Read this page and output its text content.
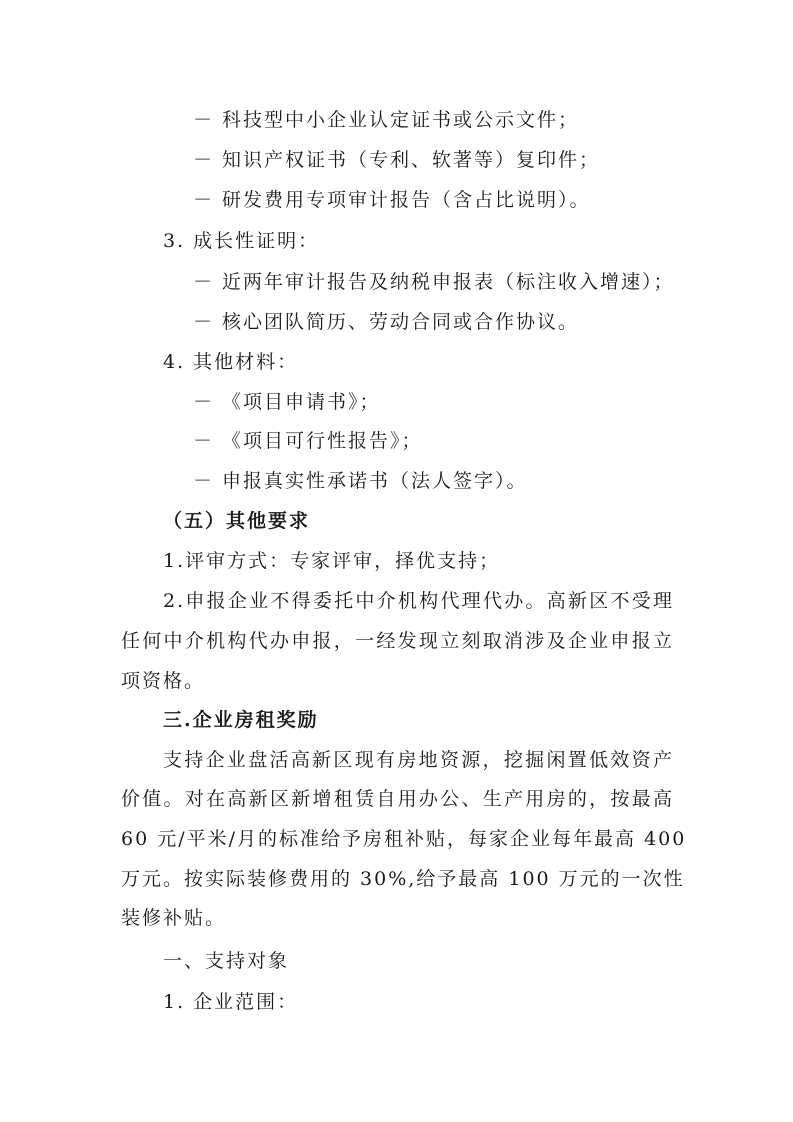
－ 科技型中小企业认定证书或公示文件；
－ 知识产权证书（专利、软著等）复印件；
－ 研发费用专项审计报告（含占比说明）。
3. 成长性证明：
－ 近两年审计报告及纳税申报表（标注收入增速）；
－ 核心团队简历、劳动合同或合作协议。
4. 其他材料：
－ 《项目申请书》；
－ 《项目可行性报告》；
－ 申报真实性承诺书（法人签字）。
（五）其他要求
1.评审方式：专家评审，择优支持；
2.申报企业不得委托中介机构代理代办。高新区不受理
任何中介机构代办申报，一经发现立刻取消涉及企业申报立
项资格。
三.企业房租奖励
支持企业盘活高新区现有房地资源，挖掘闲置低效资产
价值。对在高新区新增租赁自用办公、生产用房的，按最高
60 元/平米/月的标准给予房租补贴，每家企业每年最高 400
万元。按实际装修费用的 30%,给予最高 100 万元的一次性
装修补贴。
一、支持对象
1. 企业范围：
